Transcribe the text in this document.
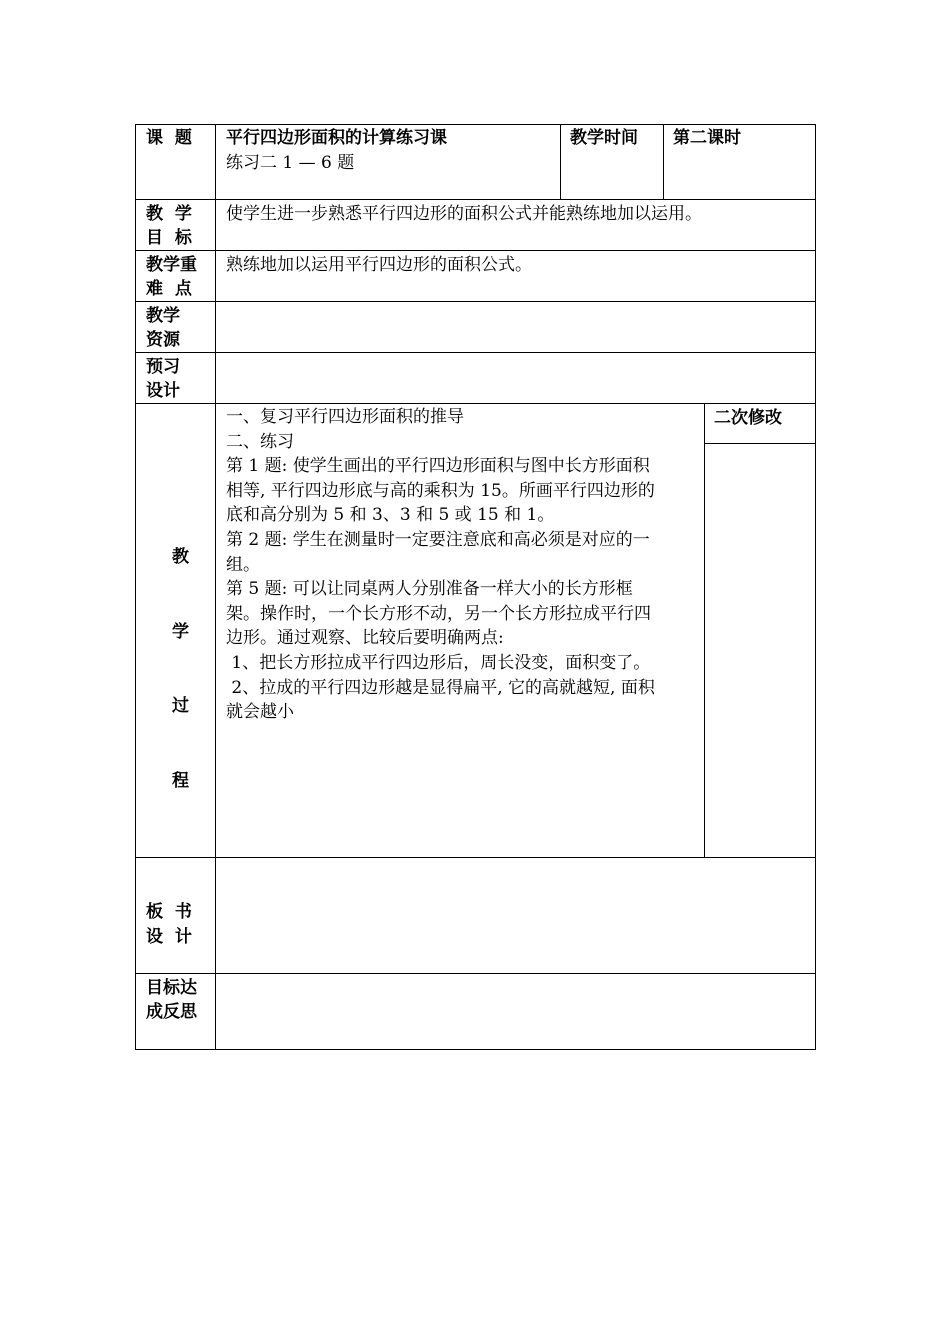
课  题 平行四边形面积的计算练习课
练习二 1 — 6 题
教学时间 第二课时
教  学
目  标
使学生进一步熟悉平行四边形的面积公式并能熟练地加以运用。
教学重
难  点
熟练地加以运用平行四边形的面积公式。
教学
资源
预习
设计
教
学
过
程
二次修改
一、复习平行四边形面积的推导
二、练习
第 1 题: 使学生画出的平行四边形面积与图中长方形面积
相等, 平行四边形底与高的乘积为 15。所画平行四边形的
底和高分别为 5 和 3、3 和 5 或 15 和 1。
第 2 题: 学生在测量时一定要注意底和高必须是对应的一
组。
第 5 题: 可以让同桌两人分别准备一样大小的长方形框
架。操作时，一个长方形不动，另一个长方形拉成平行四
边形。通过观察、比较后要明确两点:
1、把长方形拉成平行四边形后，周长没变，面积变了。
2、拉成的平行四边形越是显得扁平, 它的高就越短, 面积
就会越小
板  书
设  计
目标达
成反思
